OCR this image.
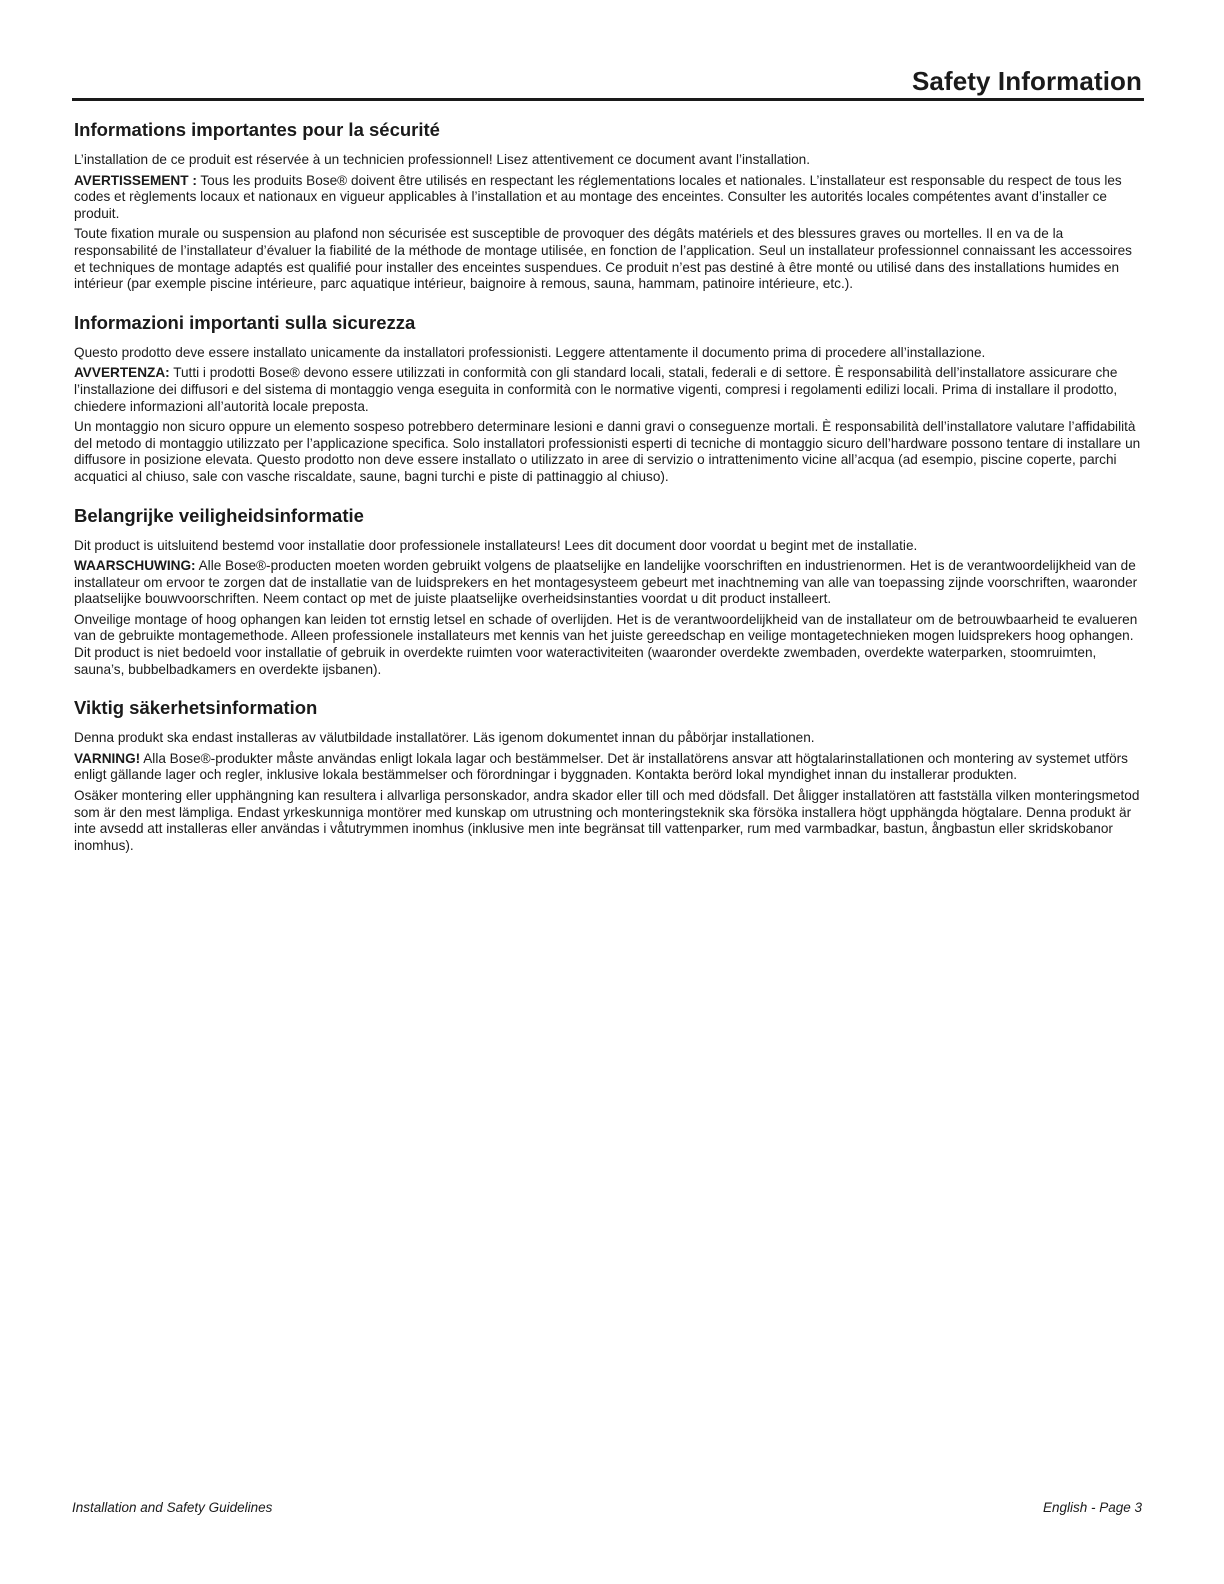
Safety Information
Informations importantes pour la sécurité

L’installation de ce produit est réservée à un technicien professionnel! Lisez attentivement ce document avant l’installation.

AVERTISSEMENT : Tous les produits Bose® doivent être utilisés en respectant les réglementations locales et nationales. L’installateur est responsable du respect de tous les codes et règlements locaux et nationaux en vigueur applicables à l’installation et au montage des enceintes. Consulter les autorités locales compétentes avant d’installer ce produit.

Toute fixation murale ou suspension au plafond non sécurisée est susceptible de provoquer des dégâts matériels et des blessures graves ou mortelles. Il en va de la responsabilité de l’installateur d’évaluer la fiabilité de la méthode de montage utilisée, en fonction de l’application. Seul un installateur professionnel connaissant les accessoires et techniques de montage adaptés est qualifié pour installer des enceintes suspendues. Ce produit n’est pas destiné à être monté ou utilisé dans des installations humides en intérieur (par exemple piscine intérieure, parc aquatique intérieur, baignoire à remous, sauna, hammam, patinoire intérieure, etc.).

Informazioni importanti sulla sicurezza

Questo prodotto deve essere installato unicamente da installatori professionisti. Leggere attentamente il documento prima di procedere all’installazione.

AVVERTENZA: Tutti i prodotti Bose® devono essere utilizzati in conformità con gli standard locali, statali, federali e di settore. È responsabilità dell’installatore assicurare che l’installazione dei diffusori e del sistema di montaggio venga eseguita in conformità con le normative vigenti, compresi i regolamenti edilizi locali. Prima di installare il prodotto, chiedere informazioni all’autorità locale preposta.

Un montaggio non sicuro oppure un elemento sospeso potrebbero determinare lesioni e danni gravi o conseguenze mortali. È responsabilità dell’installatore valutare l’affidabilità del metodo di montaggio utilizzato per l’applicazione specifica. Solo installatori professionisti esperti di tecniche di montaggio sicuro dell’hardware possono tentare di installare un diffusore in posizione elevata. Questo prodotto non deve essere installato o utilizzato in aree di servizio o intrattenimento vicine all’acqua (ad esempio, piscine coperte, parchi acquatici al chiuso, sale con vasche riscaldate, saune, bagni turchi e piste di pattinaggio al chiuso).

Belangrijke veiligheidsinformatie

Dit product is uitsluitend bestemd voor installatie door professionele installateurs! Lees dit document door voordat u begint met de installatie.

WAARSCHUWING: Alle Bose®-producten moeten worden gebruikt volgens de plaatselijke en landelijke voorschriften en industrienormen. Het is de verantwoordelijkheid van de installateur om ervoor te zorgen dat de installatie van de luidsprekers en het montagesysteem gebeurt met inachtneming van alle van toepassing zijnde voorschriften, waaronder plaatselijke bouwvoorschriften. Neem contact op met de juiste plaatselijke overheidsinstanties voordat u dit product installeert.

Onveilige montage of hoog ophangen kan leiden tot ernstig letsel en schade of overlijden. Het is de verantwoordelijkheid van de installateur om de betrouwbaarheid te evalueren van de gebruikte montagemethode. Alleen professionele installateurs met kennis van het juiste gereedschap en veilige montagetechnieken mogen luidsprekers hoog ophangen. Dit product is niet bedoeld voor installatie of gebruik in overdekte ruimten voor wateractiviteiten (waaronder overdekte zwembaden, overdekte waterparken, stoomruimten, sauna’s, bubbelbadkamers en overdekte ijsbanen).

Viktig säkerhetsinformation

Denna produkt ska endast installeras av välutbildade installatörer. Läs igenom dokumentet innan du påbörjar installationen.

VARNING! Alla Bose®-produkter måste användas enligt lokala lagar och bestämmelser. Det är installatörens ansvar att högtalarinstallationen och montering av systemet utförs enligt gällande lager och regler, inklusive lokala bestämmelser och förordningar i byggnaden. Kontakta berörd lokal myndighet innan du installerar produkten.

Osäker montering eller upphängning kan resultera i allvarliga personskador, andra skador eller till och med dödsfall. Det åligger installatören att fastställa vilken monteringsmetod som är den mest lämpliga. Endast yrkeskunniga montörer med kunskap om utrustning och monteringsteknik ska försöka installera högt upphängda högtalare. Denna produkt är inte avsedd att installeras eller användas i våtutrymmen inomhus (inklusive men inte begränsat till vattenparker, rum med varmbadkar, bastun, ångbastun eller skridskobanor inomhus).

Installation and Safety Guidelines	English - Page 3
